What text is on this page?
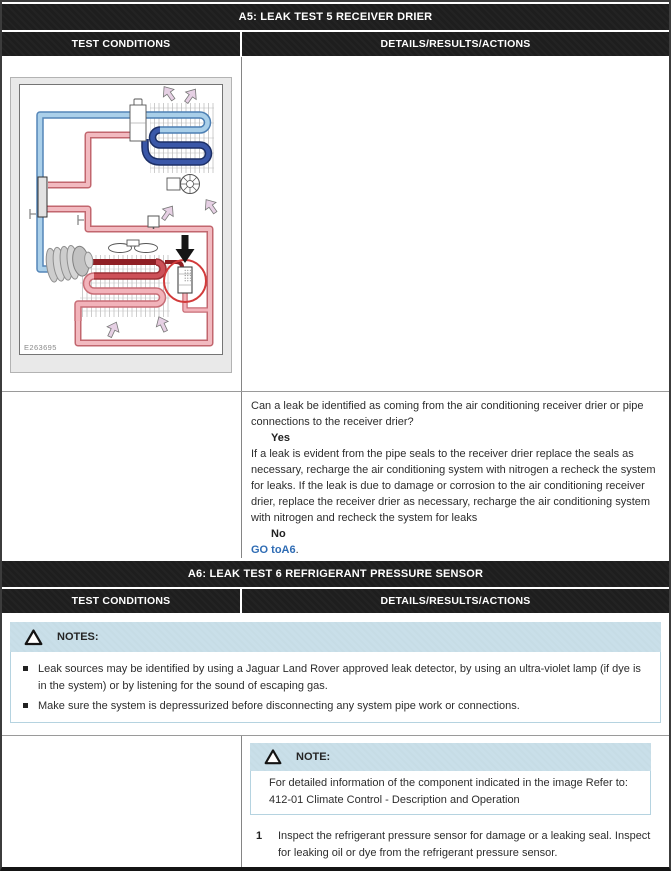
A5: LEAK TEST 5 RECEIVER DRIER
TEST CONDITIONS	DETAILS/RESULTS/ACTIONS
E263695
Can a leak be identified as coming from the air conditioning receiver drier or pipe connections to the receiver drier?
Yes
If a leak is evident from the pipe seals to the receiver drier replace the seals as necessary, recharge the air conditioning system with nitrogen a recheck the system for leaks. If the leak is due to damage or corrosion to the air conditioning receiver drier, replace the receiver drier as necessary, recharge the air conditioning system with nitrogen and recheck the system for leaks
No
GO toA6.
A6: LEAK TEST 6 REFRIGERANT PRESSURE SENSOR
TEST CONDITIONS	DETAILS/RESULTS/ACTIONS
NOTES:
Leak sources may be identified by using a Jaguar Land Rover approved leak detector, by using an ultra-violet lamp (if dye is in the system) or by listening for the sound of escaping gas.
Make sure the system is depressurized before disconnecting any system pipe work or connections.
NOTE:
For detailed information of the component indicated in the image Refer to:
412-01 Climate Control - Description and Operation
1	Inspect the refrigerant pressure sensor for damage or a leaking seal. Inspect for leaking oil or dye from the refrigerant pressure sensor.
